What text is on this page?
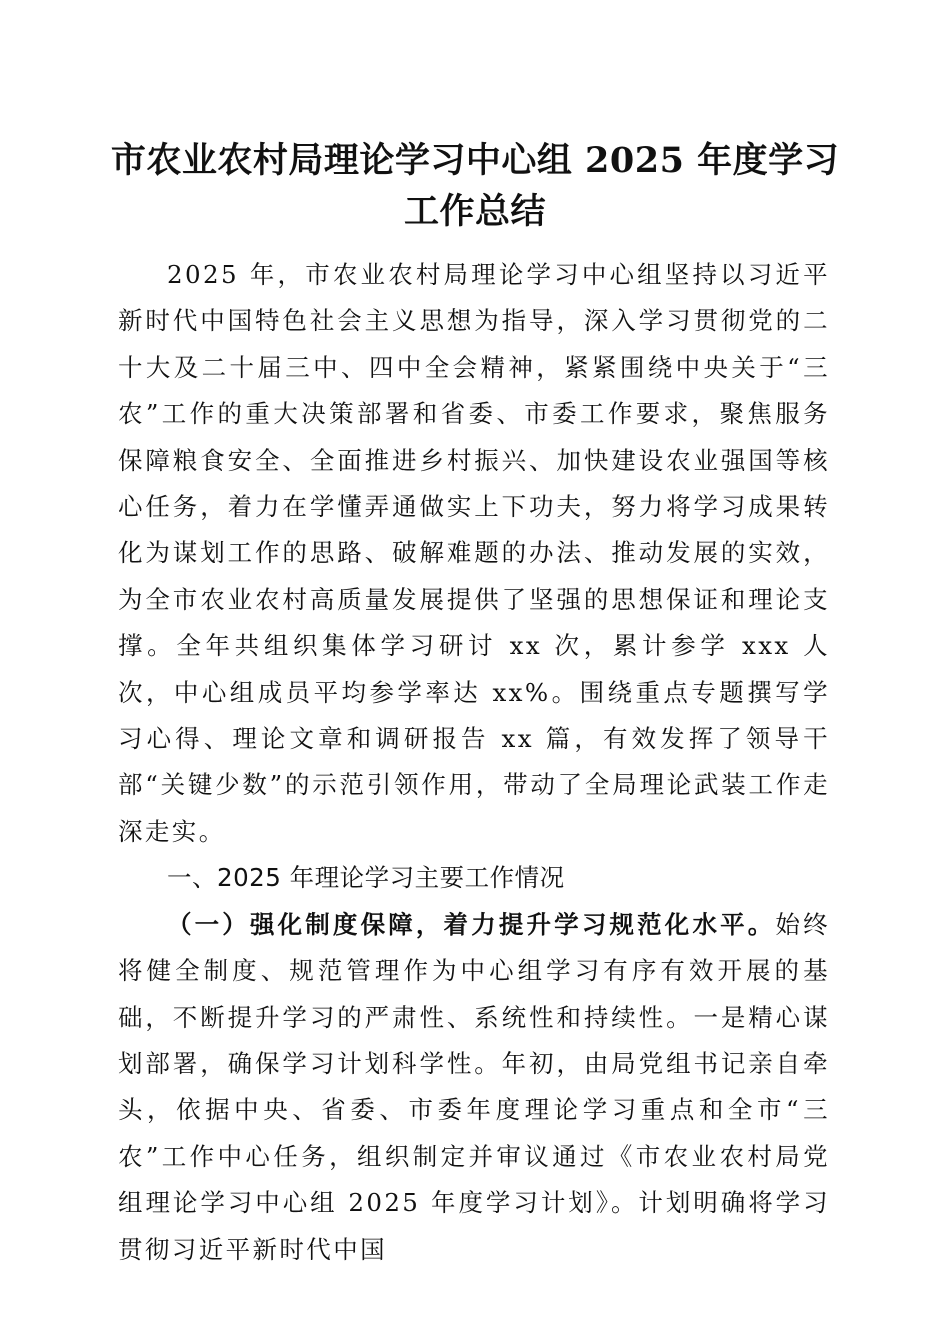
市农业农村局理论学习中心组 2025 年度学习
工作总结

2025 年，市农业农村局理论学习中心组坚持以习近平新时代中国特色社会主义思想为指导，深入学习贯彻党的二十大及二十届三中、四中全会精神，紧紧围绕中央关于“三农”工作的重大决策部署和省委、市委工作要求，聚焦服务保障粮食安全、全面推进乡村振兴、加快建设农业强国等核心任务，着力在学懂弄通做实上下功夫，努力将学习成果转化为谋划工作的思路、破解难题的办法、推动发展的实效，为全市农业农村高质量发展提供了坚强的思想保证和理论支撑。全年共组织集体学习研讨 xx 次，累计参学 xxx 人次，中心组成员平均参学率达 xx%。围绕重点专题撰写学习心得、理论文章和调研报告 xx 篇，有效发挥了领导干部“关键少数”的示范引领作用，带动了全局理论武装工作走深走实。

一、2025 年理论学习主要工作情况

（一）强化制度保障，着力提升学习规范化水平。始终将健全制度、规范管理作为中心组学习有序有效开展的基础，不断提升学习的严肃性、系统性和持续性。一是精心谋划部署，确保学习计划科学性。年初，由局党组书记亲自牵头，依据中央、省委、市委年度理论学习重点和全市“三农”工作中心任务，组织制定并审议通过《市农业农村局党组理论学习中心组 2025 年度学习计划》。计划明确将学习贯彻习近平新时代中国
